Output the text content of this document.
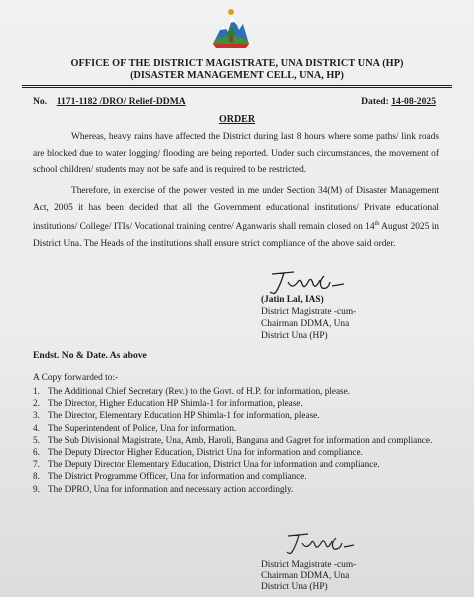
OFFICE OF THE DISTRICT MAGISTRATE, UNA DISTRICT UNA (HP)
(DISASTER MANAGEMENT CELL, UNA, HP)
No. 1171-1182 /DRO/ Relief-DDMA	Dated: 14-08-2025
ORDER

Whereas, heavy rains have affected the District during last 8 hours where some paths/ link roads are blocked due to water logging/ flooding are being reported. Under such circumstances, the movement of school children/ students may not be safe and is required to be restricted.

Therefore, in exercise of the power vested in me under Section 34(M) of Disaster Management Act, 2005 it has been decided that all the Government educational institutions/ Private educational institutions/ College/ ITIs/ Vocational training centre/ Aganwaris shall remain closed on 14th August 2025 in District Una. The Heads of the institutions shall ensure strict compliance of the above said order.

(Jatin Lal, IAS)
District Magistrate -cum-
Chairman DDMA, Una
District Una (HP)
Endst. No & Date. As above
A Copy forwarded to:-
1. The Additional Chief Secretary (Rev.) to the Govt. of H.P. for information, please.
2. The Director, Higher Education HP Shimla-1 for information, please.
3. The Director, Elementary Education HP Shimla-1 for information, please.
4. The Superintendent of Police, Una for information.
5. The Sub Divisional Magistrate, Una, Amb, Haroli, Bangana and Gagret for information and compliance.
6. The Deputy Director Higher Education, District Una for information and compliance.
7. The Deputy Director Elementary Education, District Una for information and compliance.
8. The District Programme Officer, Una for information and compliance.
9. The DPRO, Una for information and necessary action accordingly.
District Magistrate -cum-
Chairman DDMA, Una
District Una (HP)
